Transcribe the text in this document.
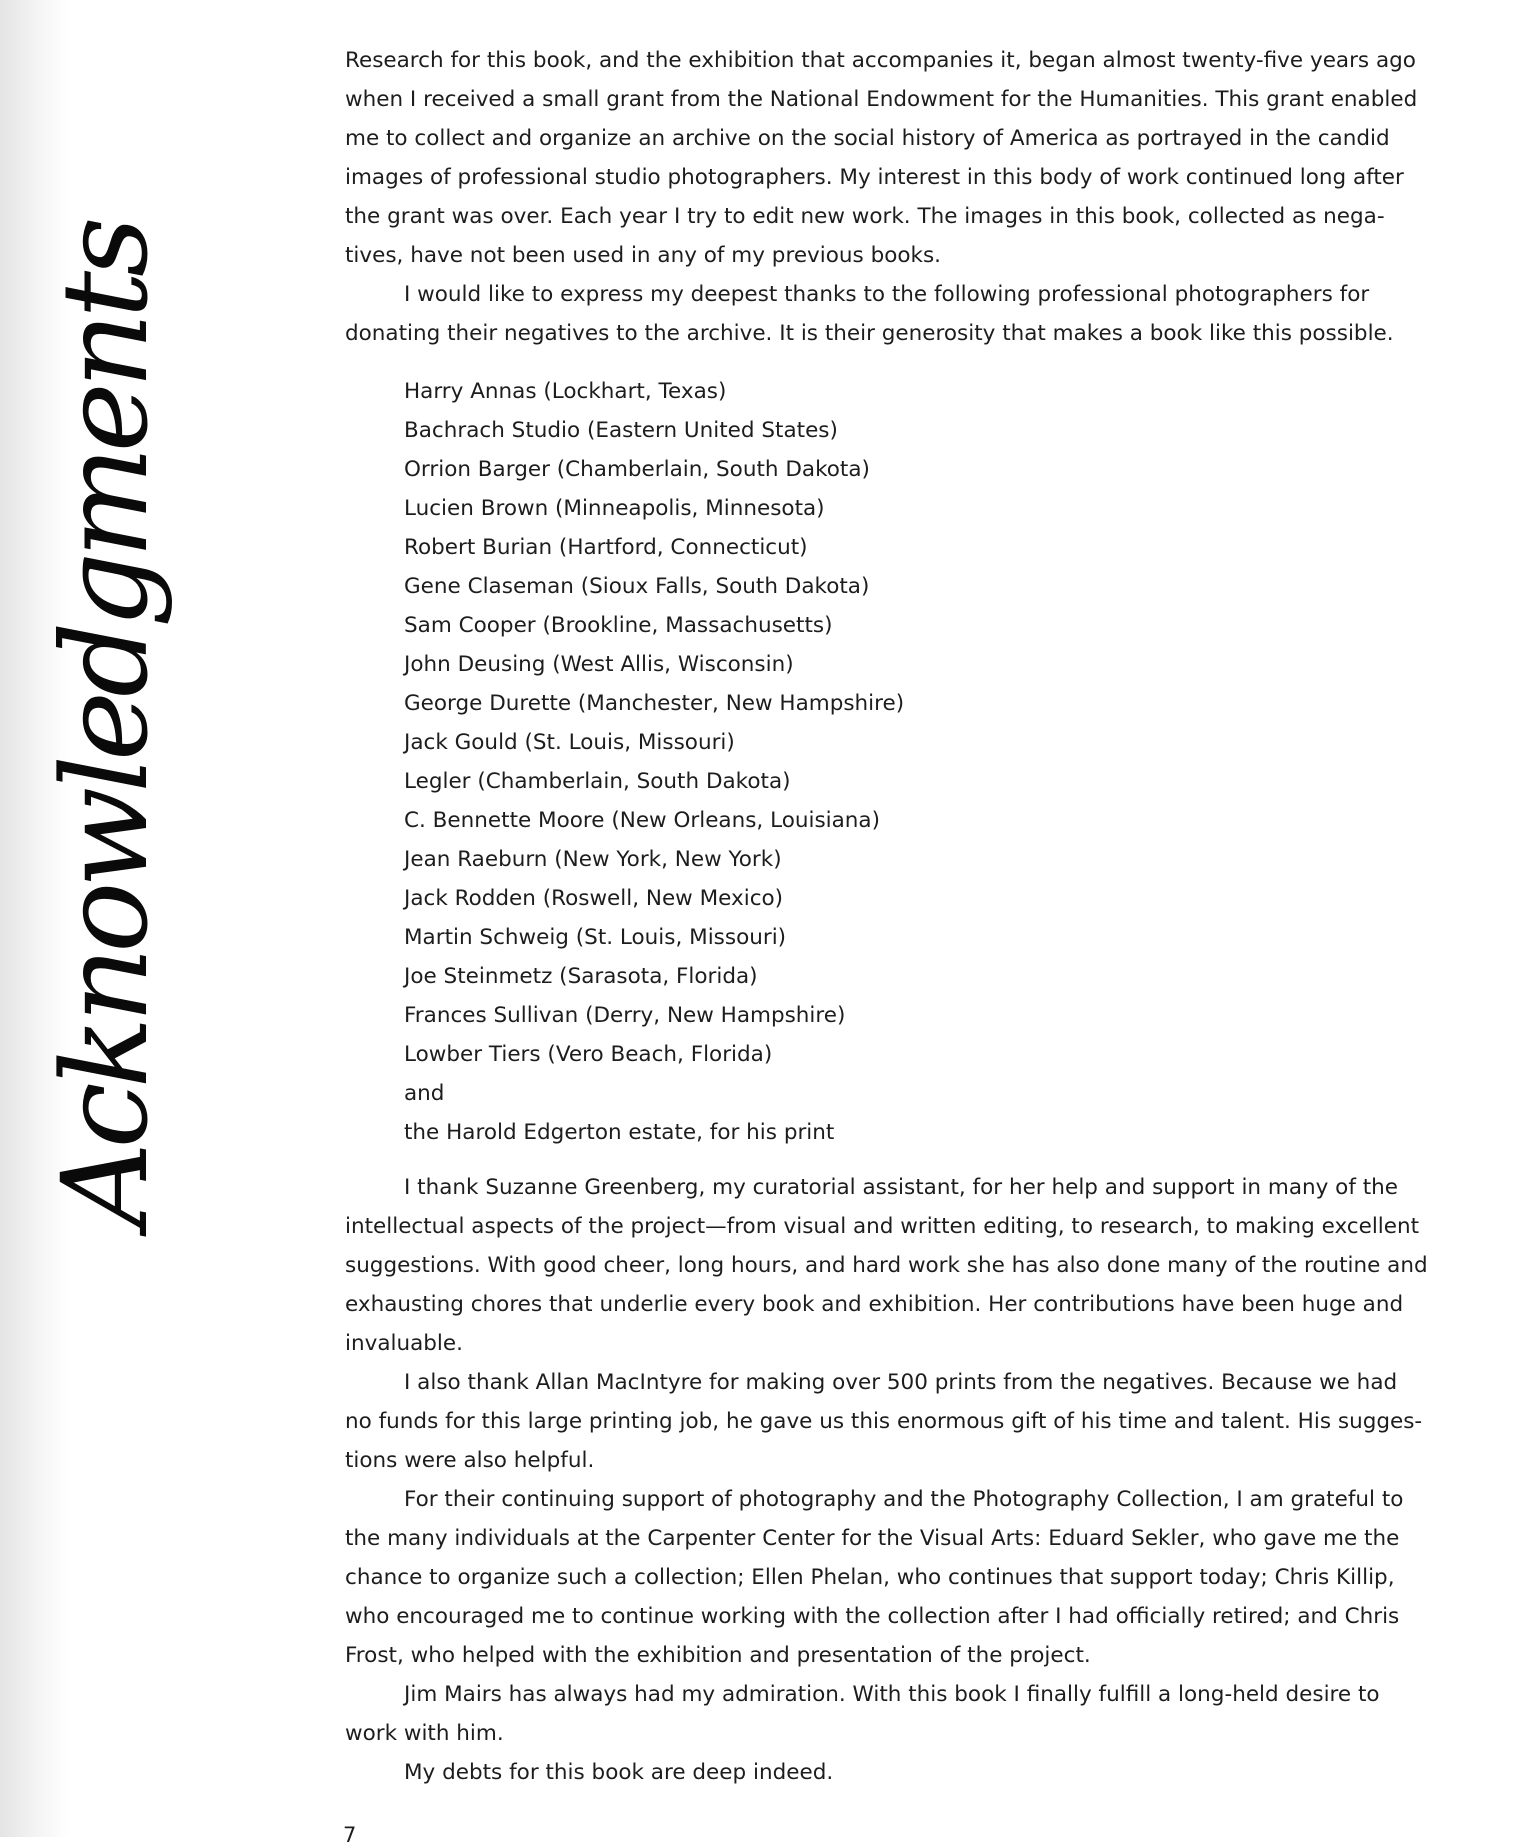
Acknowledgments
Research for this book, and the exhibition that accompanies it, began almost twenty-five years ago
when I received a small grant from the National Endowment for the Humanities. This grant enabled
me to collect and organize an archive on the social history of America as portrayed in the candid
images of professional studio photographers. My interest in this body of work continued long after
the grant was over. Each year I try to edit new work. The images in this book, collected as nega-
tives, have not been used in any of my previous books.
I would like to express my deepest thanks to the following professional photographers for
donating their negatives to the archive. It is their generosity that makes a book like this possible.
Harry Annas (Lockhart, Texas)
Bachrach Studio (Eastern United States)
Orrion Barger (Chamberlain, South Dakota)
Lucien Brown (Minneapolis, Minnesota)
Robert Burian (Hartford, Connecticut)
Gene Claseman (Sioux Falls, South Dakota)
Sam Cooper (Brookline, Massachusetts)
John Deusing (West Allis, Wisconsin)
George Durette (Manchester, New Hampshire)
Jack Gould (St. Louis, Missouri)
Legler (Chamberlain, South Dakota)
C. Bennette Moore (New Orleans, Louisiana)
Jean Raeburn (New York, New York)
Jack Rodden (Roswell, New Mexico)
Martin Schweig (St. Louis, Missouri)
Joe Steinmetz (Sarasota, Florida)
Frances Sullivan (Derry, New Hampshire)
Lowber Tiers (Vero Beach, Florida)
and
the Harold Edgerton estate, for his print
I thank Suzanne Greenberg, my curatorial assistant, for her help and support in many of the
intellectual aspects of the project—from visual and written editing, to research, to making excellent
suggestions. With good cheer, long hours, and hard work she has also done many of the routine and
exhausting chores that underlie every book and exhibition. Her contributions have been huge and
invaluable.
I also thank Allan MacIntyre for making over 500 prints from the negatives. Because we had
no funds for this large printing job, he gave us this enormous gift of his time and talent. His sugges-
tions were also helpful.
For their continuing support of photography and the Photography Collection, I am grateful to
the many individuals at the Carpenter Center for the Visual Arts: Eduard Sekler, who gave me the
chance to organize such a collection; Ellen Phelan, who continues that support today; Chris Killip,
who encouraged me to continue working with the collection after I had officially retired; and Chris
Frost, who helped with the exhibition and presentation of the project.
Jim Mairs has always had my admiration. With this book I finally fulfill a long-held desire to
work with him.
My debts for this book are deep indeed.
7
